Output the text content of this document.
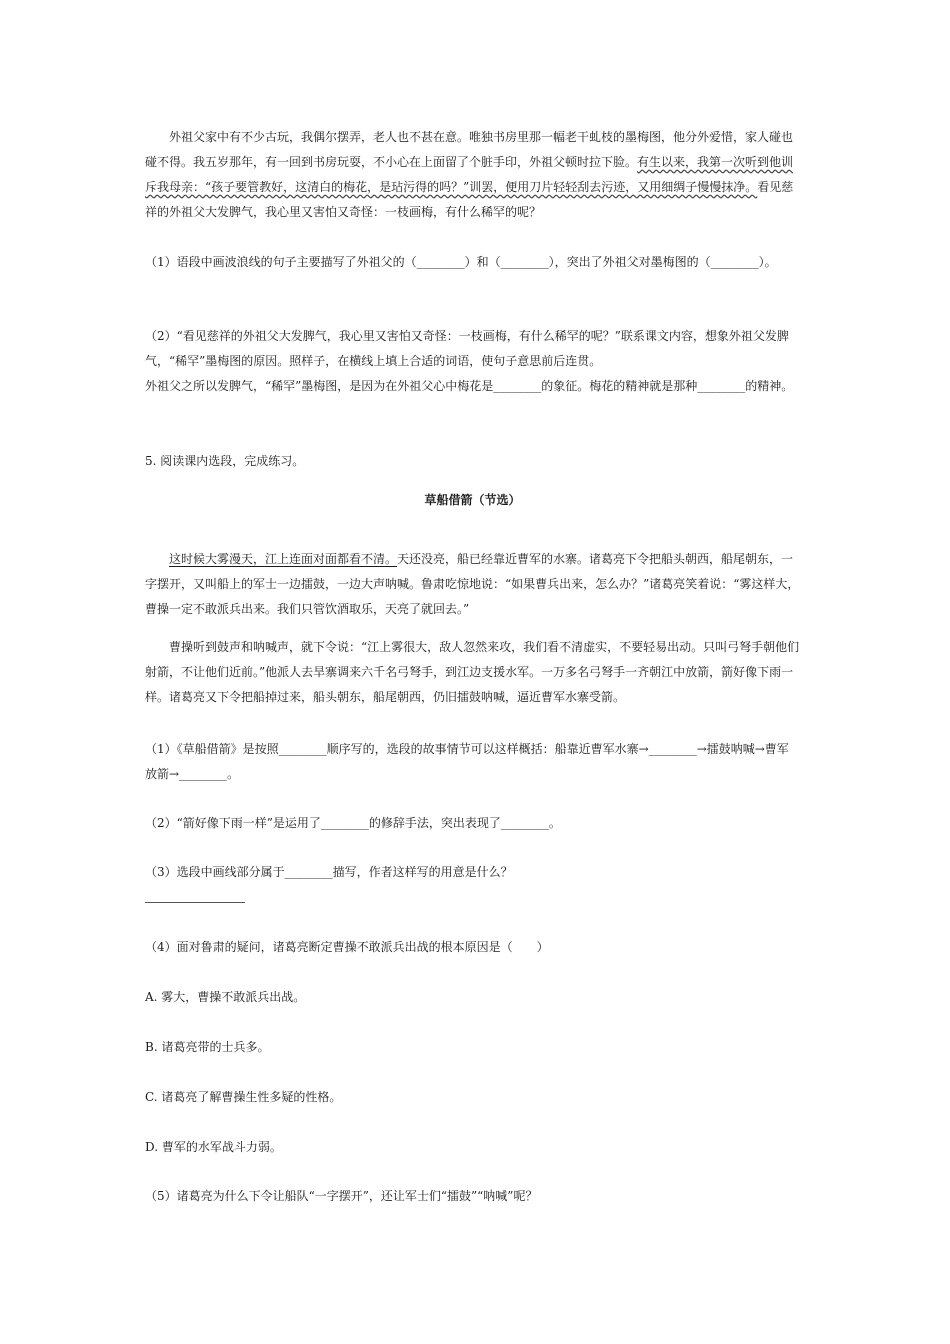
外祖父家中有不少古玩，我偶尔摆弄，老人也不甚在意。唯独书房里那一幅老干虬枝的墨梅图，他分外爱惜，家人碰也碰不得。我五岁那年，有一回到书房玩耍，不小心在上面留了个脏手印，外祖父顿时拉下脸。有生以来，我第一次听到他训斥我母亲：“孩子要管教好，这清白的梅花，是玷污得的吗？”训罢，便用刀片轻轻刮去污迹，又用细绸子慢慢抹净。看见慈祥的外祖父大发脾气，我心里又害怕又奇怪：一枝画梅，有什么稀罕的呢？
（1）语段中画波浪线的句子主要描写了外祖父的（________）和（________），突出了外祖父对墨梅图的（________）。
（2）“看见慈祥的外祖父大发脾气，我心里又害怕又奇怪：一枝画梅，有什么稀罕的呢？”联系课文内容，想象外祖父发脾气，“稀罕”墨梅图的原因。照样子，在横线上填上合适的词语，使句子意思前后连贯。
外祖父之所以发脾气，“稀罕”墨梅图，是因为在外祖父心中梅花是________的象征。梅花的精神就是那种________的精神。
5. 阅读课内选段，完成练习。
草船借箭（节选）
这时候大雾漫天，江上连面对面都看不清。天还没亮，船已经靠近曹军的水寨。诸葛亮下令把船头朝西，船尾朝东，一字摆开，又叫船上的军士一边擂鼓，一边大声呐喊。鲁肃吃惊地说：“如果曹兵出来，怎么办？”诸葛亮笑着说：“雾这样大，曹操一定不敢派兵出来。我们只管饮酒取乐，天亮了就回去。”
曹操听到鼓声和呐喊声，就下令说：“江上雾很大，敌人忽然来攻，我们看不清虚实，不要轻易出动。只叫弓弩手朝他们射箭，不让他们近前。”他派人去旱寨调来六千名弓弩手，到江边支援水军。一万多名弓弩手一齐朝江中放箭，箭好像下雨一样。诸葛亮又下令把船掉过来，船头朝东，船尾朝西，仍旧擂鼓呐喊，逼近曹军水寨受箭。
（1）《草船借箭》是按照________顺序写的，选段的故事情节可以这样概括：船靠近曹军水寨→________→擂鼓呐喊→曹军放箭→________。
（2）“箭好像下雨一样”是运用了________的修辞手法，突出表现了________。
（3）选段中画线部分属于________描写，作者这样写的用意是什么？
（4）面对鲁肃的疑问，诸葛亮断定曹操不敢派兵出战的根本原因是（　　）
A. 雾大，曹操不敢派兵出战。
B. 诸葛亮带的士兵多。
C. 诸葛亮了解曹操生性多疑的性格。
D. 曹军的水军战斗力弱。
（5）诸葛亮为什么下令让船队“一字摆开”，还让军士们“擂鼓”“呐喊”呢？
